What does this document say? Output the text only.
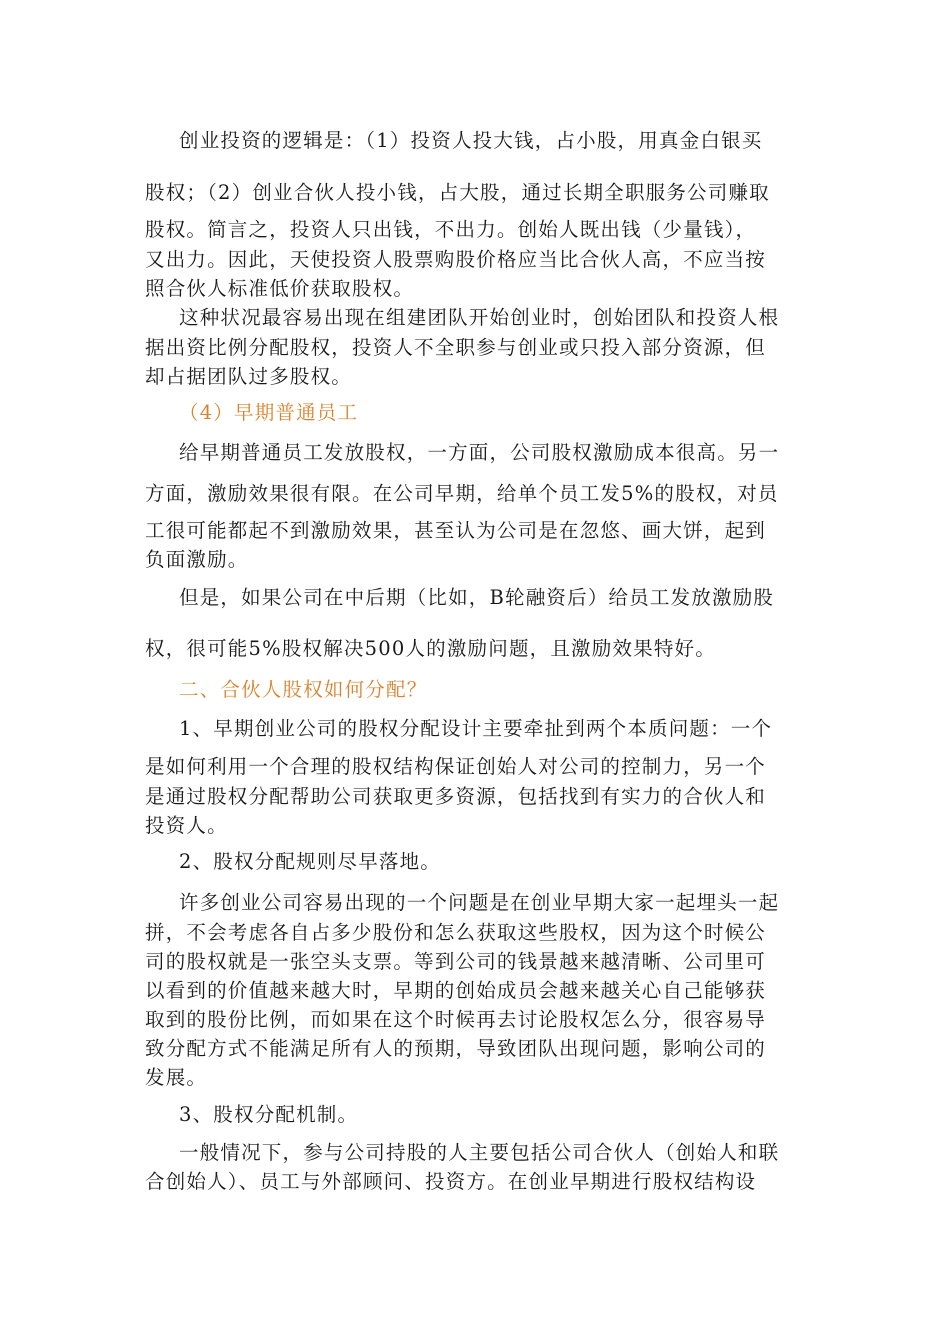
创业投资的逻辑是：（1）投资人投大钱，占小股，用真金白银买
股权；（2）创业合伙人投小钱，占大股，通过长期全职服务公司赚取
股权。简言之，投资人只出钱，不出力。创始人既出钱（少量钱），
又出力。因此，天使投资人股票购股价格应当比合伙人高，不应当按
照合伙人标准低价获取股权。
这种状况最容易出现在组建团队开始创业时，创始团队和投资人根
据出资比例分配股权，投资人不全职参与创业或只投入部分资源，但
却占据团队过多股权。
（4）早期普通员工
给早期普通员工发放股权，一方面，公司股权激励成本很高。另一
方面，激励效果很有限。在公司早期，给单个员工发5%的股权，对员
工很可能都起不到激励效果，甚至认为公司是在忽悠、画大饼，起到
负面激励。
但是，如果公司在中后期（比如，B轮融资后）给员工发放激励股
权，很可能5%股权解决500人的激励问题，且激励效果特好。
二、合伙人股权如何分配？
1、早期创业公司的股权分配设计主要牵扯到两个本质问题：一个
是如何利用一个合理的股权结构保证创始人对公司的控制力，另一个
是通过股权分配帮助公司获取更多资源，包括找到有实力的合伙人和
投资人。
2、股权分配规则尽早落地。
许多创业公司容易出现的一个问题是在创业早期大家一起埋头一起
拼，不会考虑各自占多少股份和怎么获取这些股权，因为这个时候公
司的股权就是一张空头支票。等到公司的钱景越来越清晰、公司里可
以看到的价值越来越大时，早期的创始成员会越来越关心自己能够获
取到的股份比例，而如果在这个时候再去讨论股权怎么分，很容易导
致分配方式不能满足所有人的预期，导致团队出现问题，影响公司的
发展。
3、股权分配机制。
一般情况下，参与公司持股的人主要包括公司合伙人（创始人和联
合创始人）、员工与外部顾问、投资方。在创业早期进行股权结构设
